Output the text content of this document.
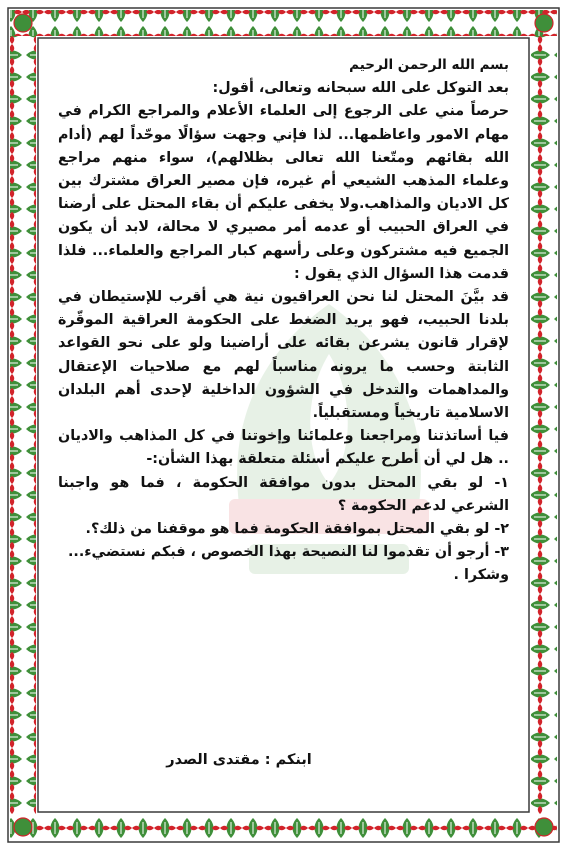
بسم الله الرحمن الرحيم

بعد التوكل على الله سبحانه وتعالى، أقول:

حرصاً مني على الرجوع إلى العلماء الأعلام والمراجع الكرام في مهام الامور واعاظمها... لذا فإني وجهت سؤالًا موحّداً لهم (أدام الله بقائهم ومتّعنا الله تعالى بظلالهم)، سواء منهم مراجع وعلماء المذهب الشيعي أم غيره، فإن مصير العراق مشترك بين كل الاديان والمذاهب.ولا يخفى عليكم أن بقاء المحتل على أرضنا في العراق الحبيب أو عدمه أمر مصيري لا محالة، لابد أن يكون الجميع فيه مشتركون وعلى رأسهم كبار المراجع والعلماء... فلذا قدمت هذا السؤال الذي يقول :

قد بيَّنَ المحتل لنا نحن العراقيون نية هي أقرب للإستيطان في بلدنا الحبيب، فهو يريد الضغط على الحكومة العراقية الموقّرة لإقرار قانون يشرعن بقائه على أراضينا ولو على نحو القواعد الثابتة وحسب ما يرونه مناسباً لهم مع صلاحيات الإعتقال والمداهمات والتدخل في الشؤون الداخلية لإحدى أهم البلدان الاسلامية تاريخياً ومستقبلياً.

فيا أساتذتنا ومراجعنا وعلمائنا وإخوتنا في كل المذاهب والاديان .. هل لي أن أطرح عليكم أسئلة متعلقة بهذا الشأن:-

١- لو بقي المحتل بدون موافقة الحكومة ، فما هو واجبنا الشرعي لدعم الحكومة ؟

٢- لو بقي المحتل بموافقة الحكومة فما هو موقفنا من ذلك؟.

٣- أرجو أن تقدموا لنا النصيحة بهذا الخصوص ، فبكم نستضيء...

وشكرا .

ابنكم : مقتدى الصدر
